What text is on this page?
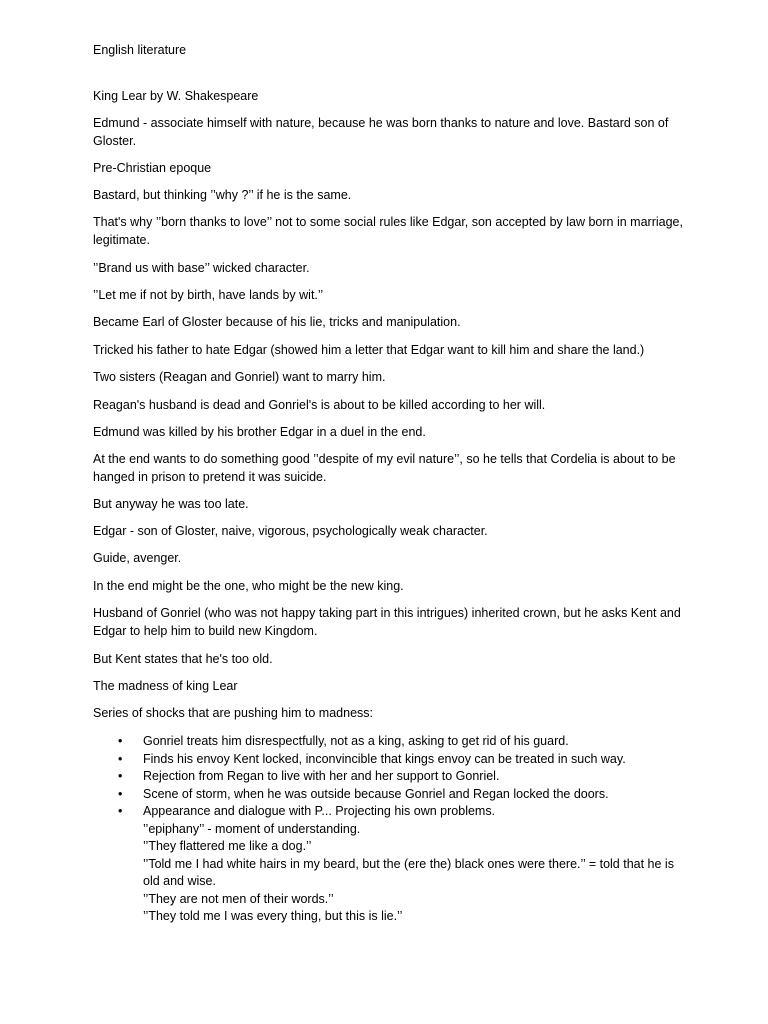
English literature

King Lear by W. Shakespeare

Edmund - associate himself with nature, because he was born thanks to nature and love. Bastard son of Gloster.

Pre-Christian epoque

Bastard, but thinking ’’why ?’’ if he is the same.

That's why ’’born thanks to love’’ not to some social rules like Edgar, son accepted by law born in marriage, legitimate.

’’Brand us with base’’ wicked character.

’’Let me if not by birth, have lands by wit.’’

Became Earl of Gloster because of his lie, tricks and manipulation.

Tricked his father to hate Edgar (showed him a letter that Edgar want to kill him and share the land.)

Two sisters (Reagan and Gonriel) want to marry him.

Reagan's husband is dead and Gonriel's is about to be killed according to her will.

Edmund was killed by his brother Edgar in a duel in the end.

At the end wants to do something good ’’despite of my evil nature’’, so he tells that Cordelia is about to be hanged in prison to pretend it was suicide.

But anyway he was too late.

Edgar - son of Gloster, naive, vigorous, psychologically weak character.

Guide, avenger.

In the end might be the one, who might be the new king.

Husband of Gonriel (who was not happy taking part in this intrigues) inherited crown, but he asks Kent and Edgar to help him to build new Kingdom.

But Kent states that he's too old.

The madness of king Lear

Series of shocks that are pushing him to madness:

• Gonriel treats him disrespectfully, not as a king, asking to get rid of his guard.
• Finds his envoy Kent locked, inconvincible that kings envoy can be treated in such way.
• Rejection from Regan to live with her and her support to Gonriel.
• Scene of storm, when he was outside because Gonriel and Regan locked the doors.
• Appearance and dialogue with P... Projecting his own problems.
’’epiphany’’ - moment of understanding.
’’They flattered me like a dog.’’
’’Told me I had white hairs in my beard, but the (ere the) black ones were there.’’ = told that he is old and wise.
’’They are not men of their words.’’
’’They told me I was every thing, but this is lie.’’
